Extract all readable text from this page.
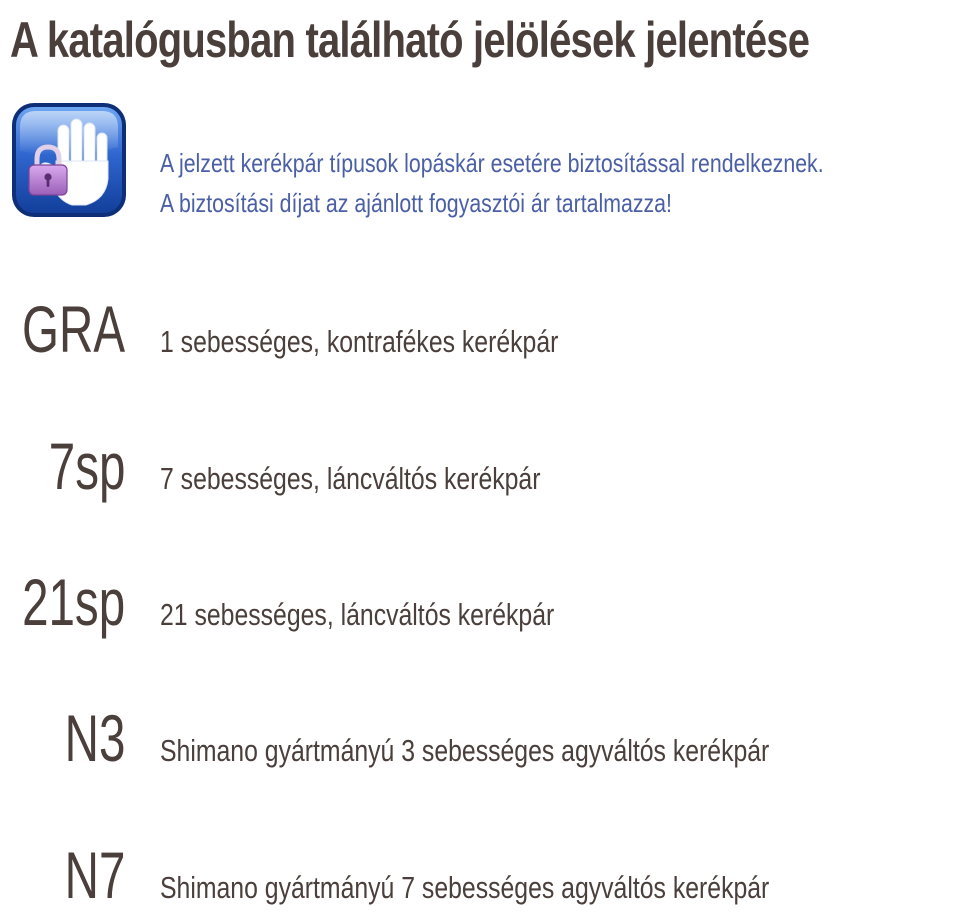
A katalógusban található jelölések jelentése
A jelzett kerékpár típusok lopáskár esetére biztosítással rendelkeznek.
A biztosítási díjat az ajánlott fogyasztói ár tartalmazza!
GRA 1 sebességes, kontrafékes kerékpár
7sp 7 sebességes, láncváltós kerékpár
21sp 21 sebességes, láncváltós kerékpár
N3 Shimano gyártmányú 3 sebességes agyváltós kerékpár
N7 Shimano gyártmányú 7 sebességes agyváltós kerékpár
